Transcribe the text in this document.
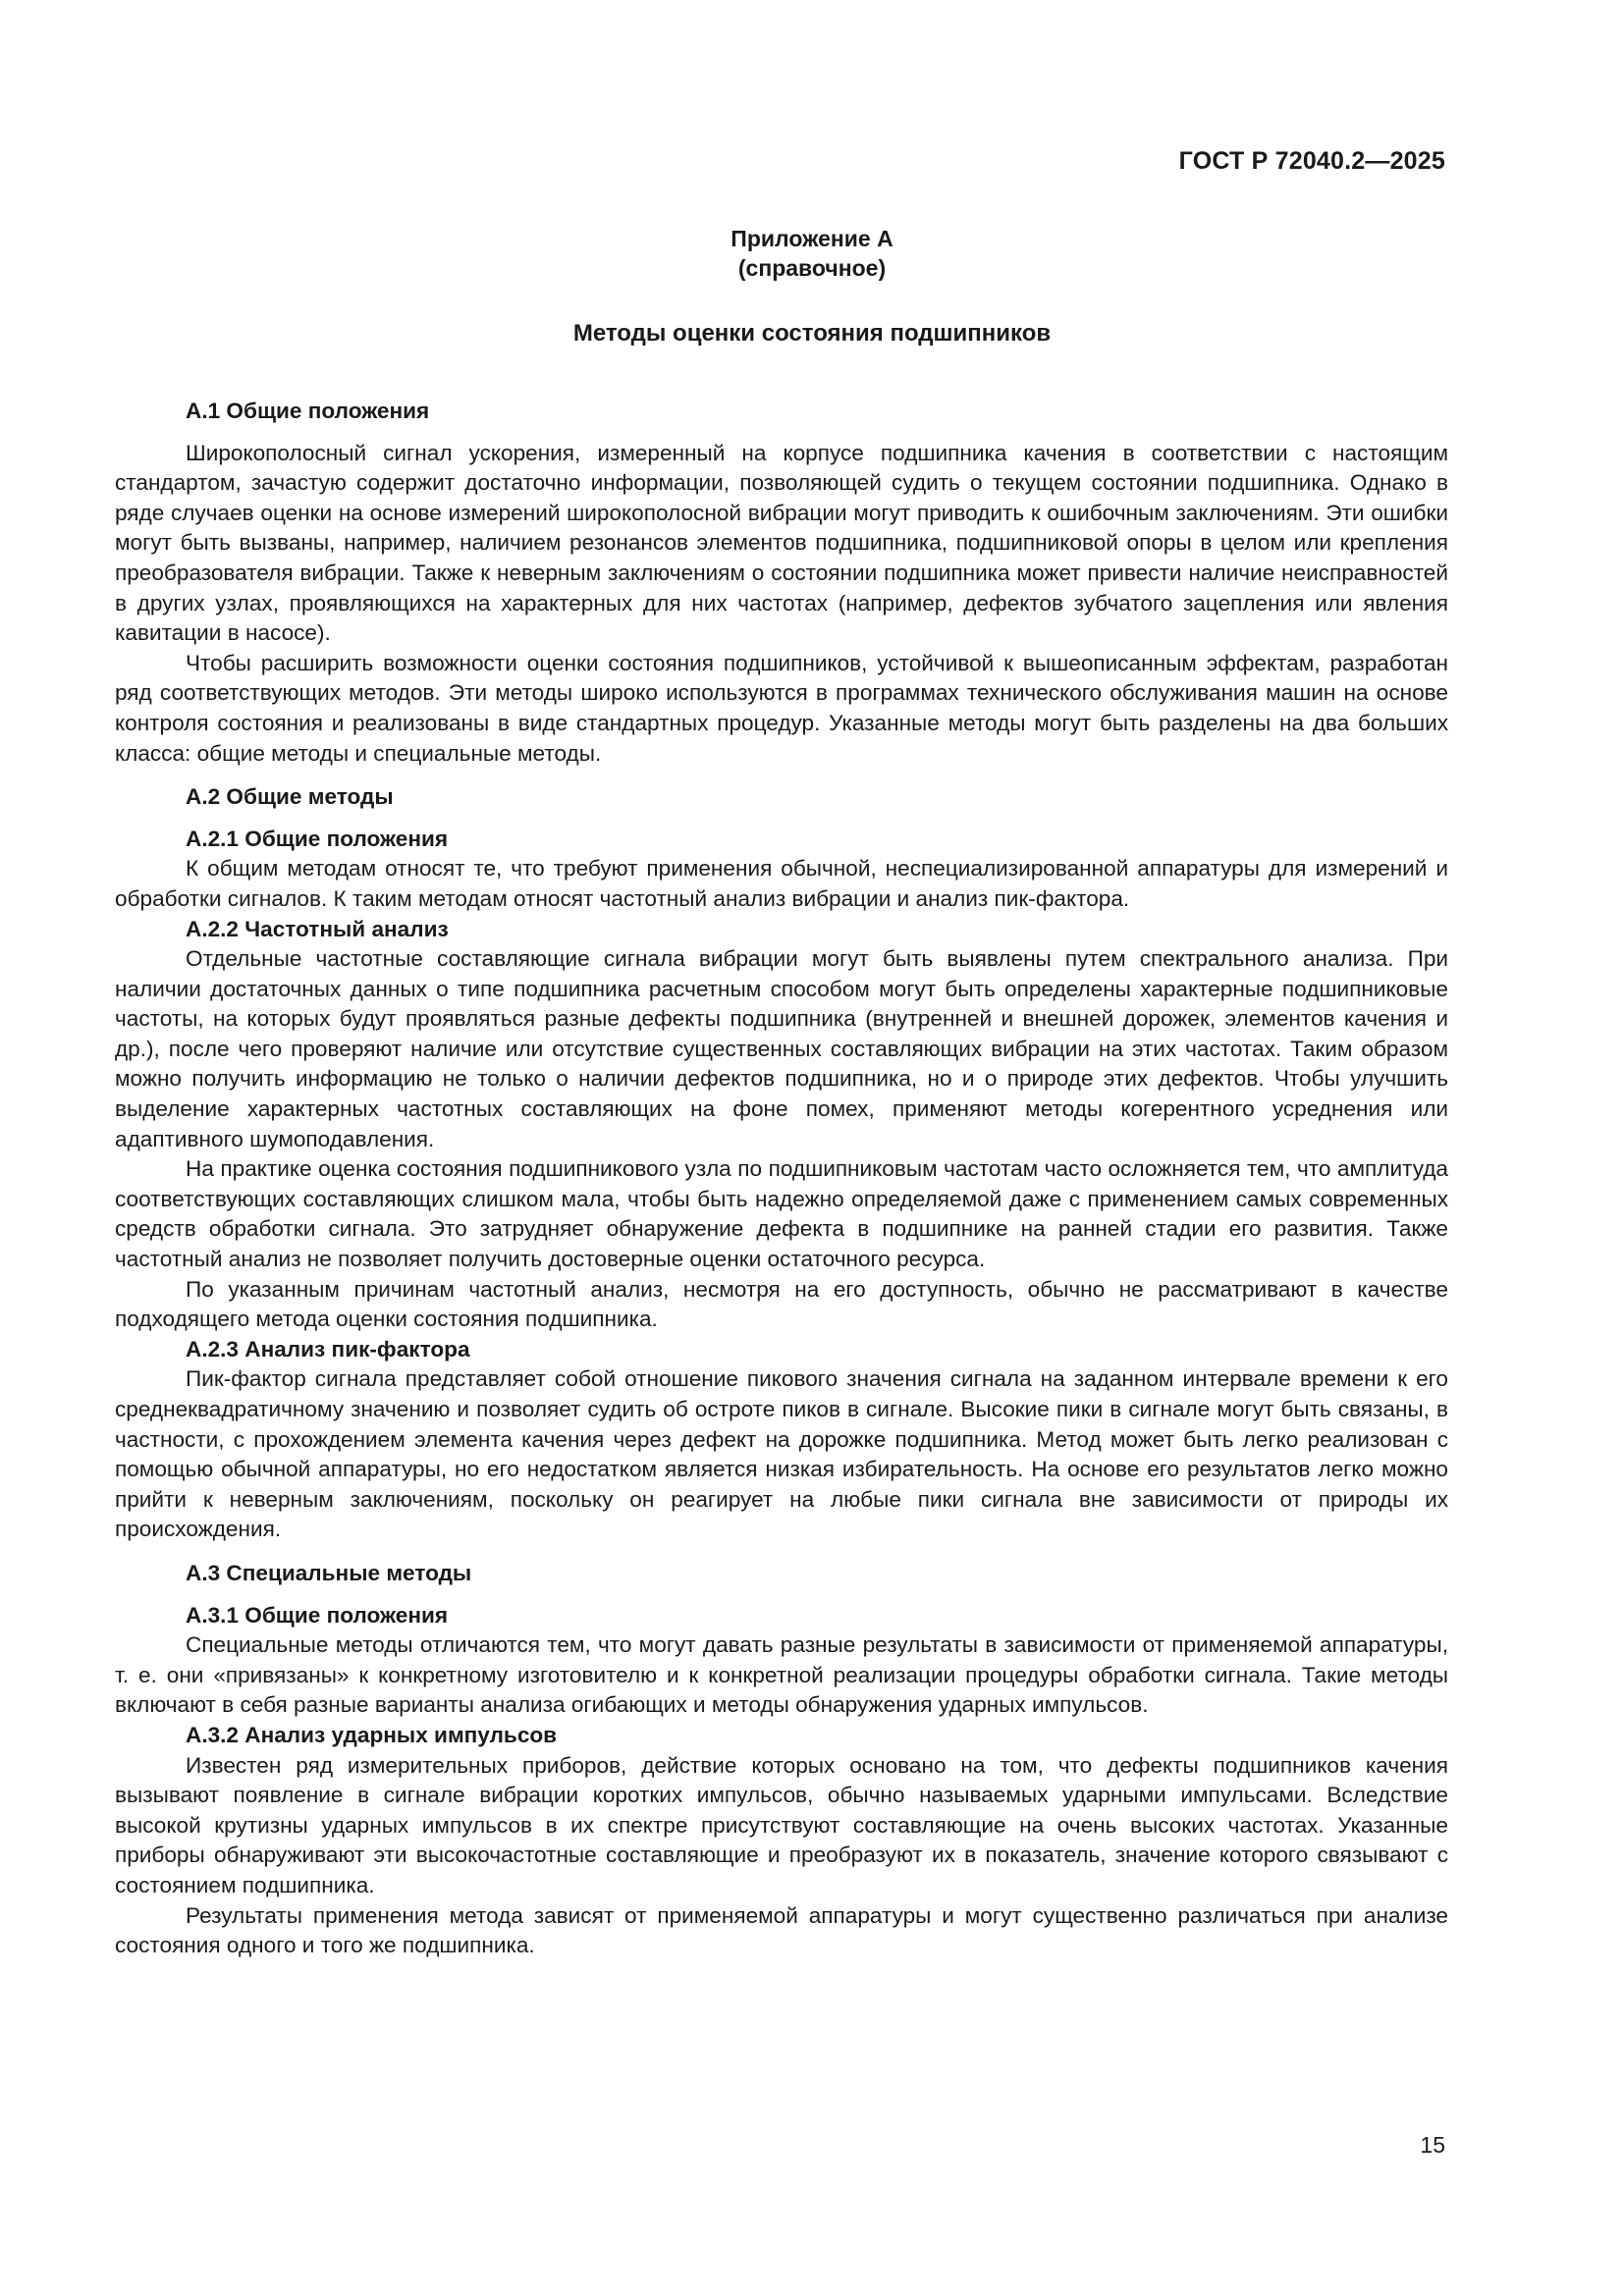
ГОСТ Р 72040.2—2025
Приложение А
(справочное)
Методы оценки состояния подшипников
А.1 Общие положения

Широкополосный сигнал ускорения, измеренный на корпусе подшипника качения в соответствии с настоящим стандартом, зачастую содержит достаточно информации, позволяющей судить о текущем состоянии подшипника. Однако в ряде случаев оценки на основе измерений широкополосной вибрации могут приводить к ошибочным заключениям. Эти ошибки могут быть вызваны, например, наличием резонансов элементов подшипника, подшипниковой опоры в целом или крепления преобразователя вибрации. Также к неверным заключениям о состоянии подшипника может привести наличие неисправностей в других узлах, проявляющихся на характерных для них частотах (например, дефектов зубчатого зацепления или явления кавитации в насосе).

Чтобы расширить возможности оценки состояния подшипников, устойчивой к вышеописанным эффектам, разработан ряд соответствующих методов. Эти методы широко используются в программах технического обслуживания машин на основе контроля состояния и реализованы в виде стандартных процедур. Указанные методы могут быть разделены на два больших класса: общие методы и специальные методы.

А.2 Общие методы
А.2.1 Общие положения

К общим методам относят те, что требуют применения обычной, неспециализированной аппаратуры для измерений и обработки сигналов. К таким методам относят частотный анализ вибрации и анализ пик-фактора.

А.2.2 Частотный анализ

Отдельные частотные составляющие сигнала вибрации могут быть выявлены путем спектрального анализа. При наличии достаточных данных о типе подшипника расчетным способом могут быть определены характерные подшипниковые частоты, на которых будут проявляться разные дефекты подшипника (внутренней и внешней дорожек, элементов качения и др.), после чего проверяют наличие или отсутствие существенных составляющих вибрации на этих частотах. Таким образом можно получить информацию не только о наличии дефектов подшипника, но и о природе этих дефектов. Чтобы улучшить выделение характерных частотных составляющих на фоне помех, применяют методы когерентного усреднения или адаптивного шумоподавления.

На практике оценка состояния подшипникового узла по подшипниковым частотам часто осложняется тем, что амплитуда соответствующих составляющих слишком мала, чтобы быть надежно определяемой даже с применением самых современных средств обработки сигнала. Это затрудняет обнаружение дефекта в подшипнике на ранней стадии его развития. Также частотный анализ не позволяет получить достоверные оценки остаточного ресурса.

По указанным причинам частотный анализ, несмотря на его доступность, обычно не рассматривают в качестве подходящего метода оценки состояния подшипника.

А.2.3 Анализ пик-фактора

Пик-фактор сигнала представляет собой отношение пикового значения сигнала на заданном интервале времени к его среднеквадратичному значению и позволяет судить об остроте пиков в сигнале. Высокие пики в сигнале могут быть связаны, в частности, с прохождением элемента качения через дефект на дорожке подшипника. Метод может быть легко реализован с помощью обычной аппаратуры, но его недостатком является низкая избирательность. На основе его результатов легко можно прийти к неверным заключениям, поскольку он реагирует на любые пики сигнала вне зависимости от природы их происхождения.

А.3 Специальные методы
А.3.1 Общие положения

Специальные методы отличаются тем, что могут давать разные результаты в зависимости от применяемой аппаратуры, т. е. они «привязаны» к конкретному изготовителю и к конкретной реализации процедуры обработки сигнала. Такие методы включают в себя разные варианты анализа огибающих и методы обнаружения ударных импульсов.

А.3.2 Анализ ударных импульсов

Известен ряд измерительных приборов, действие которых основано на том, что дефекты подшипников качения вызывают появление в сигнале вибрации коротких импульсов, обычно называемых ударными импульсами. Вследствие высокой крутизны ударных импульсов в их спектре присутствуют составляющие на очень высоких частотах. Указанные приборы обнаруживают эти высокочастотные составляющие и преобразуют их в показатель, значение которого связывают с состоянием подшипника.

Результаты применения метода зависят от применяемой аппаратуры и могут существенно различаться при анализе состояния одного и того же подшипника.

15
